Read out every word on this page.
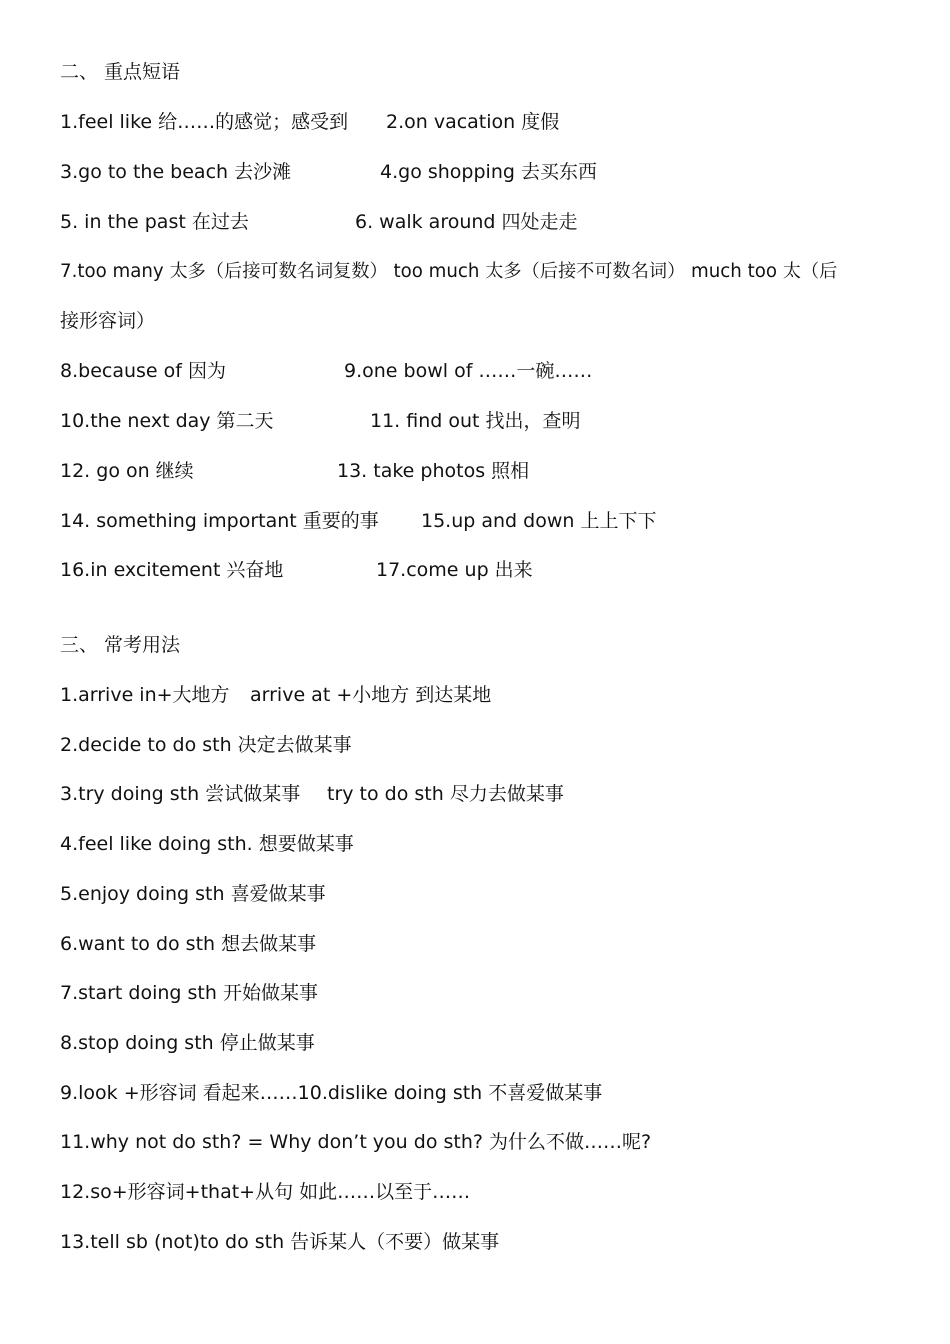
二、 重点短语

1.feel like 给……的感觉；感受到 2.on vacation 度假

3.go to the beach 去沙滩	4.go shopping 去买东西

5. in the past 在过去	6. walk around 四处走走

7.too many 太多（后接可数名词复数） too much 太多（后接不可数名词） much too 太（后

接形容词）

8.because of 因为	9.one bowl of ……一碗……

10.the next day 第二天	11. find out 找出，查明

12. go on 继续	13. take photos 照相

14. something important 重要的事 15.up and down 上上下下

16.in excitement 兴奋地	17.come up 出来

三、 常考用法

1.arrive in+大地方 arrive at +小地方 到达某地

2.decide to do sth 决定去做某事

3.try doing sth 尝试做某事 try to do sth 尽力去做某事

4.feel like doing sth. 想要做某事

5.enjoy doing sth 喜爱做某事

6.want to do sth 想去做某事

7.start doing sth 开始做某事

8.stop doing sth 停止做某事

9.look +形容词 看起来……10.dislike doing sth 不喜爱做某事

11.why not do sth? = Why don’t you do sth? 为什么不做……呢?

12.so+形容词+that+从句 如此……以至于……

13.tell sb (not)to do sth 告诉某人（不要）做某事
